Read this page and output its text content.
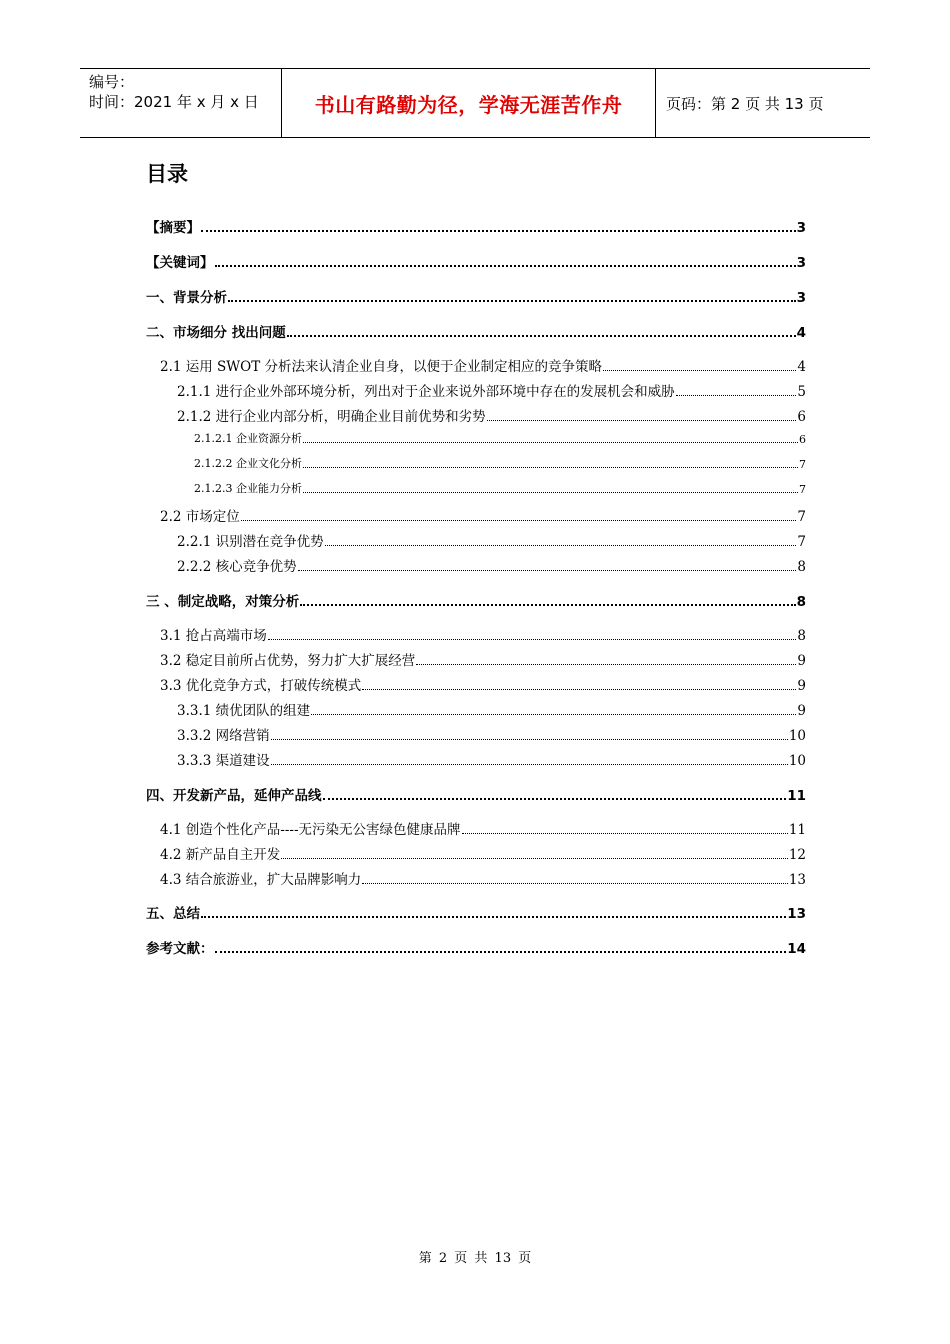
编号：
时间：2021 年 x 月 x 日	书山有路勤为径，学海无涯苦作舟	页码：第 2 页 共 13 页
目录
【摘要】	3
【关键词】	3
一、背景分析	3
二、市场细分 找出问题	4
2.1 运用 SWOT 分析法来认清企业自身，以便于企业制定相应的竞争策略	4
2.1.1 进行企业外部环境分析，列出对于企业来说外部环境中存在的发展机会和威胁	5
2.1.2 进行企业内部分析，明确企业目前优势和劣势	6
2.1.2.1 企业资源分析	6
2.1.2.2 企业文化分析	7
2.1.2.3 企业能力分析	7
2.2 市场定位	7
2.2.1 识别潜在竞争优势	7
2.2.2 核心竞争优势	8
三 、制定战略，对策分析	8
3.1 抢占高端市场	8
3.2 稳定目前所占优势，努力扩大扩展经营	9
3.3 优化竞争方式，打破传统模式	9
3.3.1 绩优团队的组建	9
3.3.2 网络营销	10
3.3.3 渠道建设	10
四、开发新产品，延伸产品线	11
4.1 创造个性化产品----无污染无公害绿色健康品牌	11
4.2 新产品自主开发	12
4.3 结合旅游业，扩大品牌影响力	13
五、总结	13
参考文献：	14
第 2 页 共 13 页
